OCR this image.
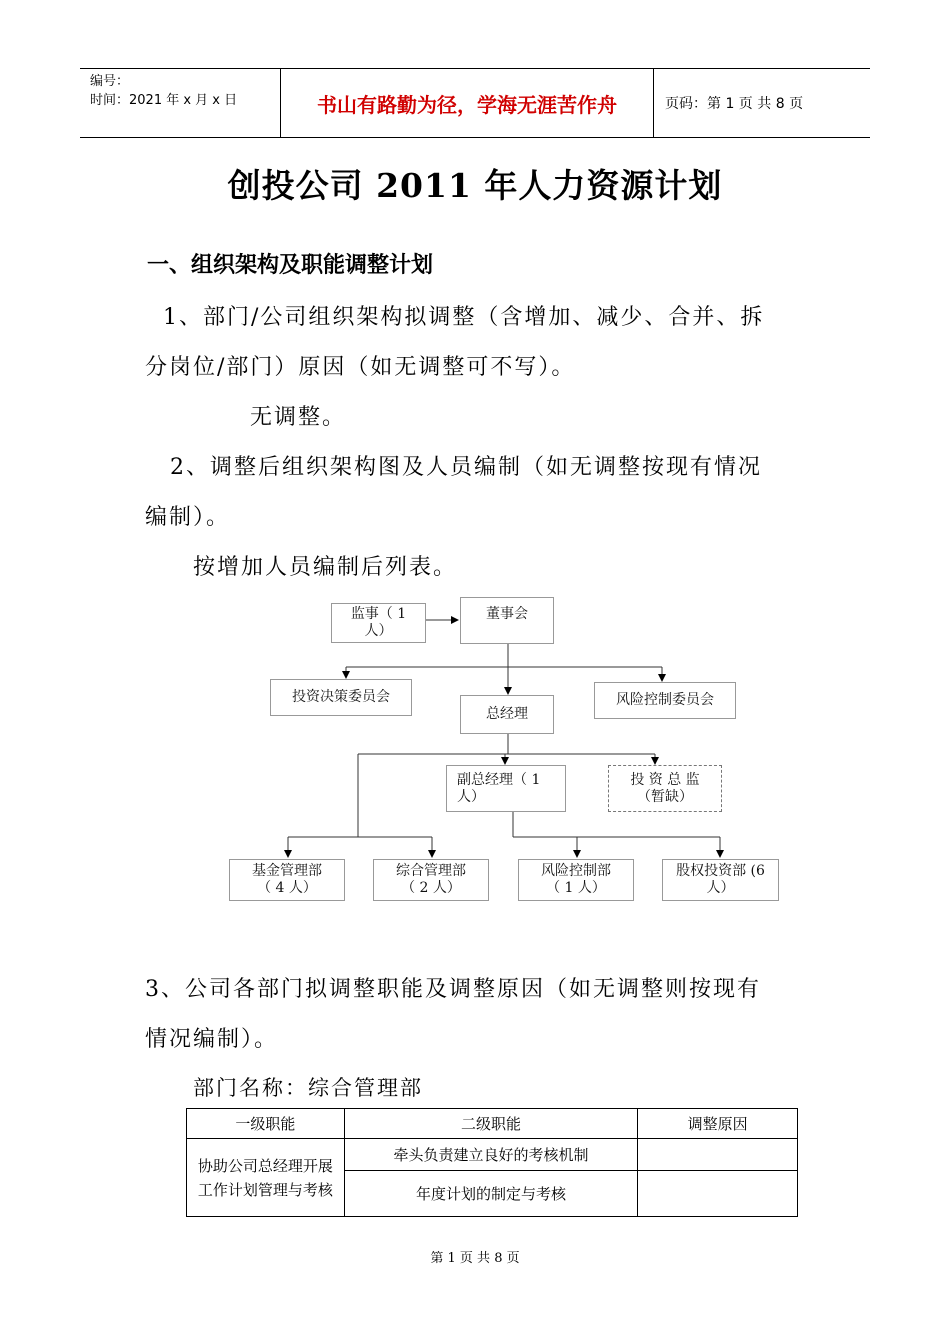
编号：
时间：2021 年 x 月 x 日	书山有路勤为径，学海无涯苦作舟	页码：第 1 页 共 8 页
创投公司 2011 年人力资源计划
一、组织架构及职能调整计划
1、部门/公司组织架构拟调整（含增加、减少、合并、拆
分岗位/部门）原因（如无调整可不写）。
无调整。
2、调整后组织架构图及人员编制（如无调整按现有情况
编制）。
按增加人员编制后列表。
监事（ 1
人）
董事会
投资决策委员会	风险控制委员会
总经理
副总经理（ 1
人）
投 资 总 监
（暂缺）
基金管理部
（ 4 人）
综合管理部
（ 2 人）
风险控制部
（ 1 人）
股权投资部 (6
人）
3、公司各部门拟调整职能及调整原因（如无调整则按现有
情况编制）。
部门名称：综合管理部
一级职能	二级职能	调整原因
协助公司总经理开展工作计划管理与考核	牵头负责建立良好的考核机制	
	年度计划的制定与考核	
第 1 页 共 8 页
